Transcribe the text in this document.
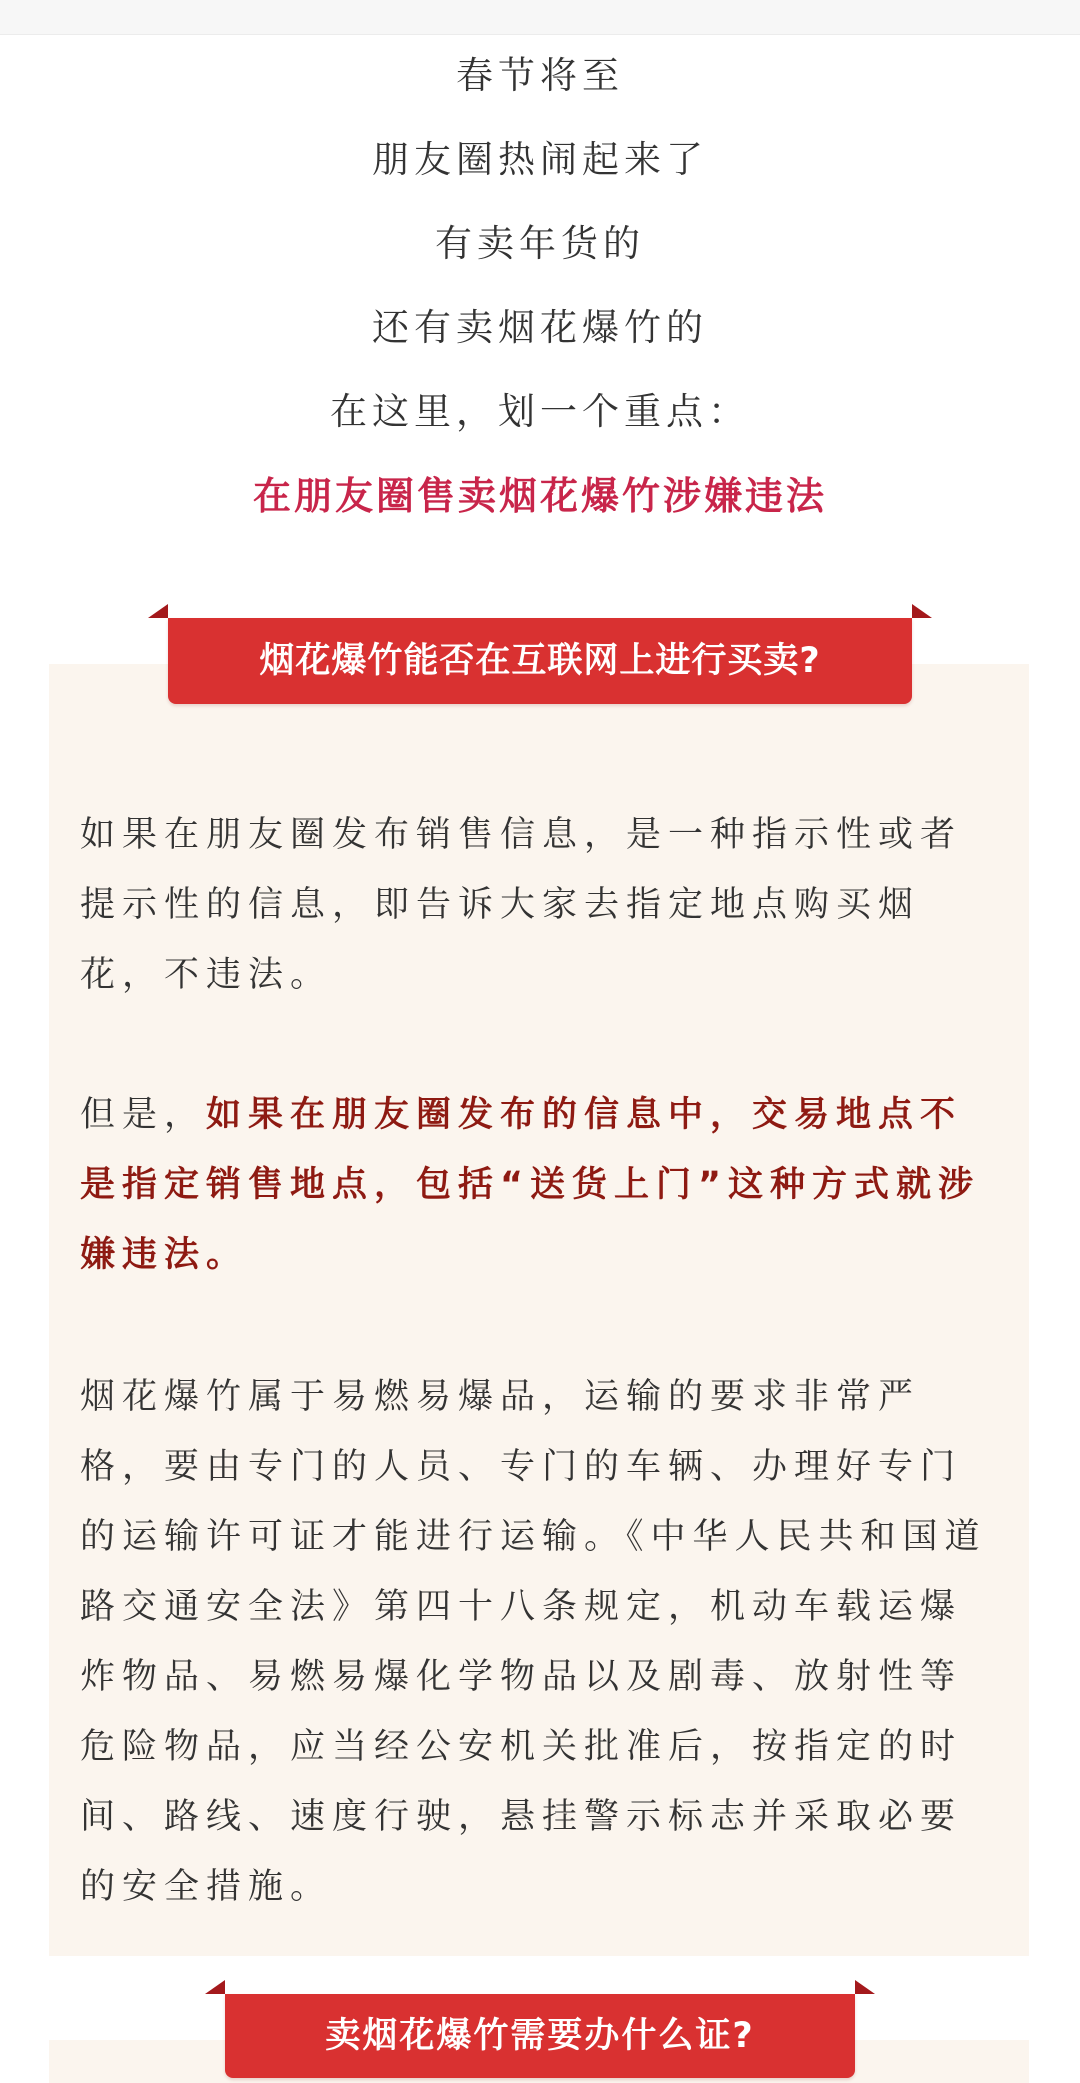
春节将至
朋友圈热闹起来了
有卖年货的
还有卖烟花爆竹的
在这里，划一个重点：
在朋友圈售卖烟花爆竹涉嫌违法
烟花爆竹能否在互联网上进行买卖?

如果在朋友圈发布销售信息，是一种指示性或者提示性的信息，即告诉大家去指定地点购买烟花，不违法。

但是，如果在朋友圈发布的信息中，交易地点不是指定销售地点，包括“送货上门”这种方式就涉嫌违法。

烟花爆竹属于易燃易爆品，运输的要求非常严格，要由专门的人员、专门的车辆、办理好专门的运输许可证才能进行运输。《中华人民共和国道路交通安全法》第四十八条规定，机动车载运爆炸物品、易燃易爆化学物品以及剧毒、放射性等危险物品，应当经公安机关批准后，按指定的时间、路线、速度行驶，悬挂警示标志并采取必要的安全措施。

卖烟花爆竹需要办什么证?
